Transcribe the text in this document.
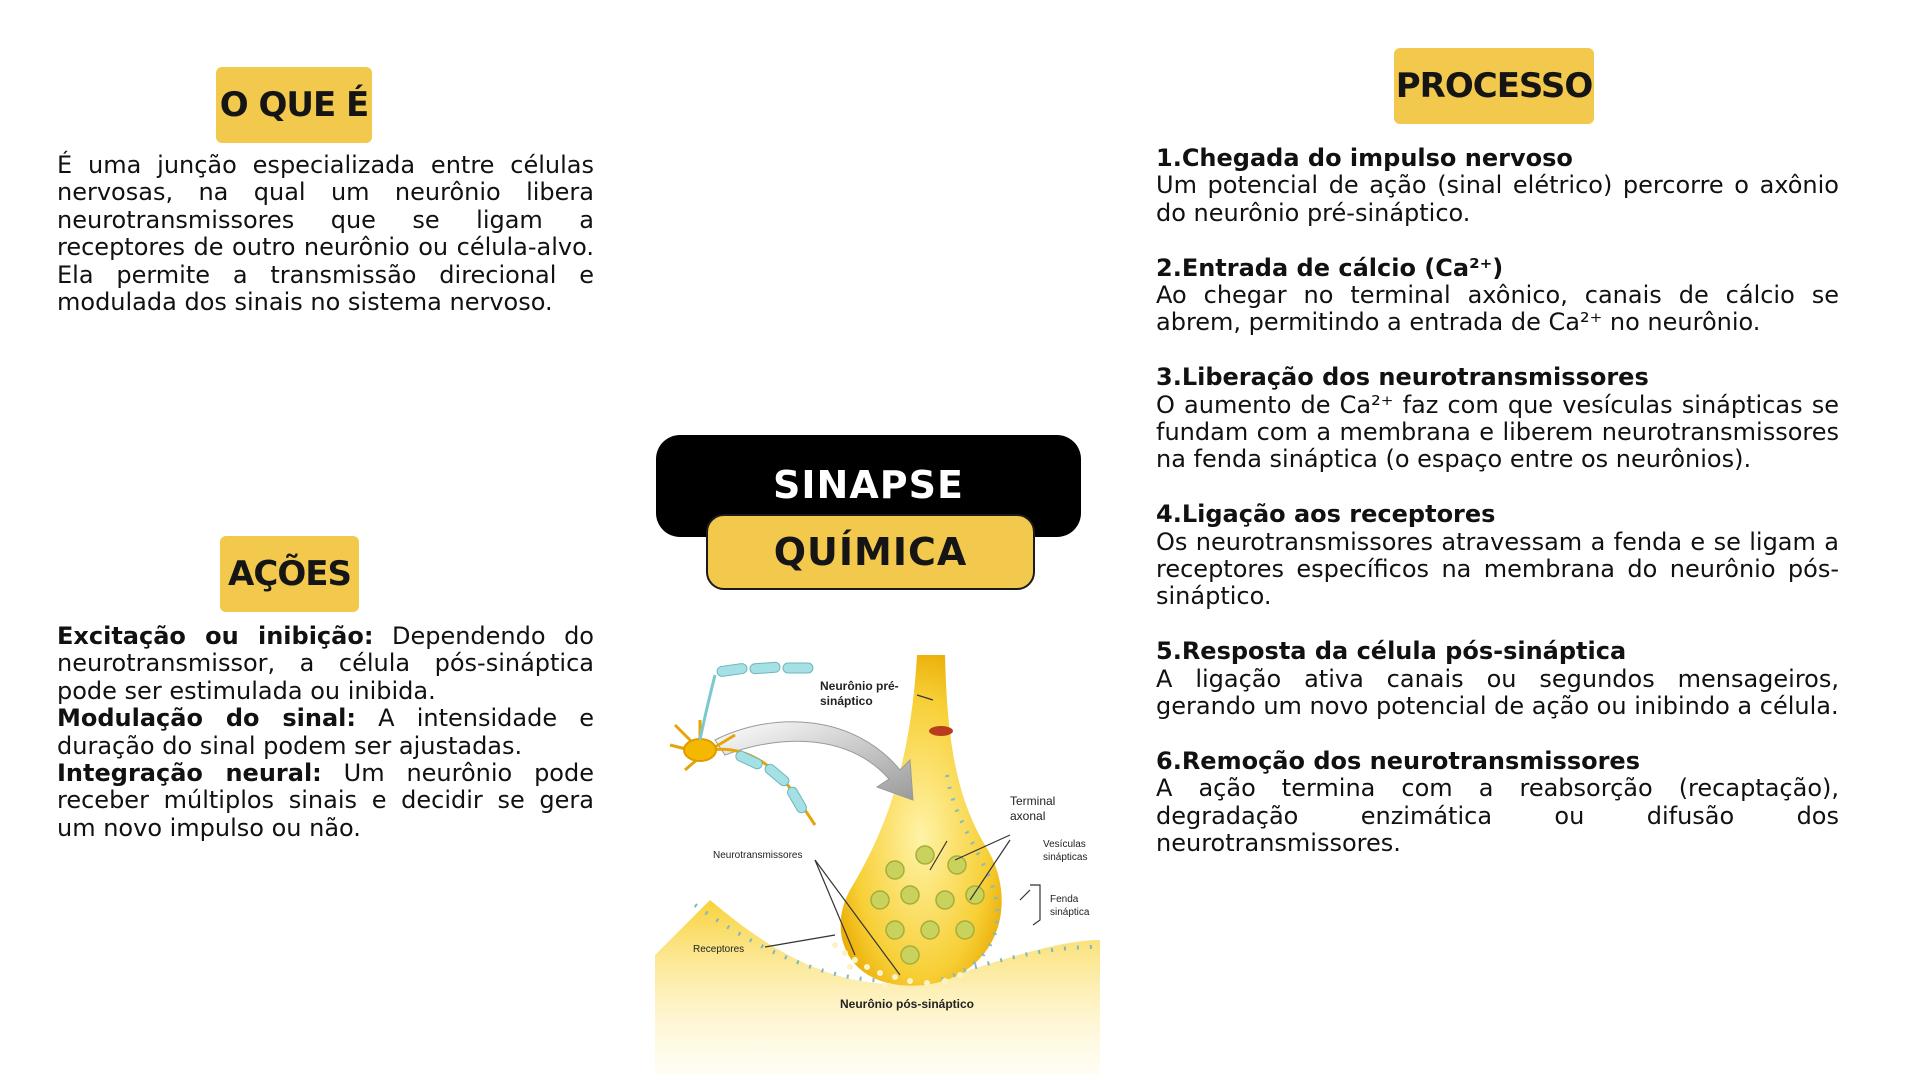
O QUE É
É uma junção especializada entre células nervosas, na qual um neurônio libera neurotransmissores que se ligam a receptores de outro neurônio ou célula-alvo. Ela permite a transmissão direcional e modulada dos sinais no sistema nervoso.
AÇÕES
Excitação ou inibição: Dependendo do neurotransmissor, a célula pós-sináptica pode ser estimulada ou inibida.
Modulação do sinal: A intensidade e duração do sinal podem ser ajustadas.
Integração neural: Um neurônio pode receber múltiplos sinais e decidir se gera um novo impulso ou não.
SINAPSE
QUÍMICA
Neurônio pré-
sináptico
Terminal
axonal
Vesículas
sinápticas
Neurotransmissores
Fenda
sináptica
Receptores
Neurônio pós-sináptico
PROCESSO
1.Chegada do impulso nervoso
Um potencial de ação (sinal elétrico) percorre o axônio do neurônio pré-sináptico.
2.Entrada de cálcio (Ca²⁺)
Ao chegar no terminal axônico, canais de cálcio se abrem, permitindo a entrada de Ca²⁺ no neurônio.
3.Liberação dos neurotransmissores
O aumento de Ca²⁺ faz com que vesículas sinápticas se fundam com a membrana e liberem neurotransmissores na fenda sináptica (o espaço entre os neurônios).
4.Ligação aos receptores
Os neurotransmissores atravessam a fenda e se ligam a receptores específicos na membrana do neurônio pós-sináptico.
5.Resposta da célula pós-sináptica
A ligação ativa canais ou segundos mensageiros, gerando um novo potencial de ação ou inibindo a célula.
6.Remoção dos neurotransmissores
A ação termina com a reabsorção (recaptação), degradação enzimática ou difusão dos neurotransmissores.
